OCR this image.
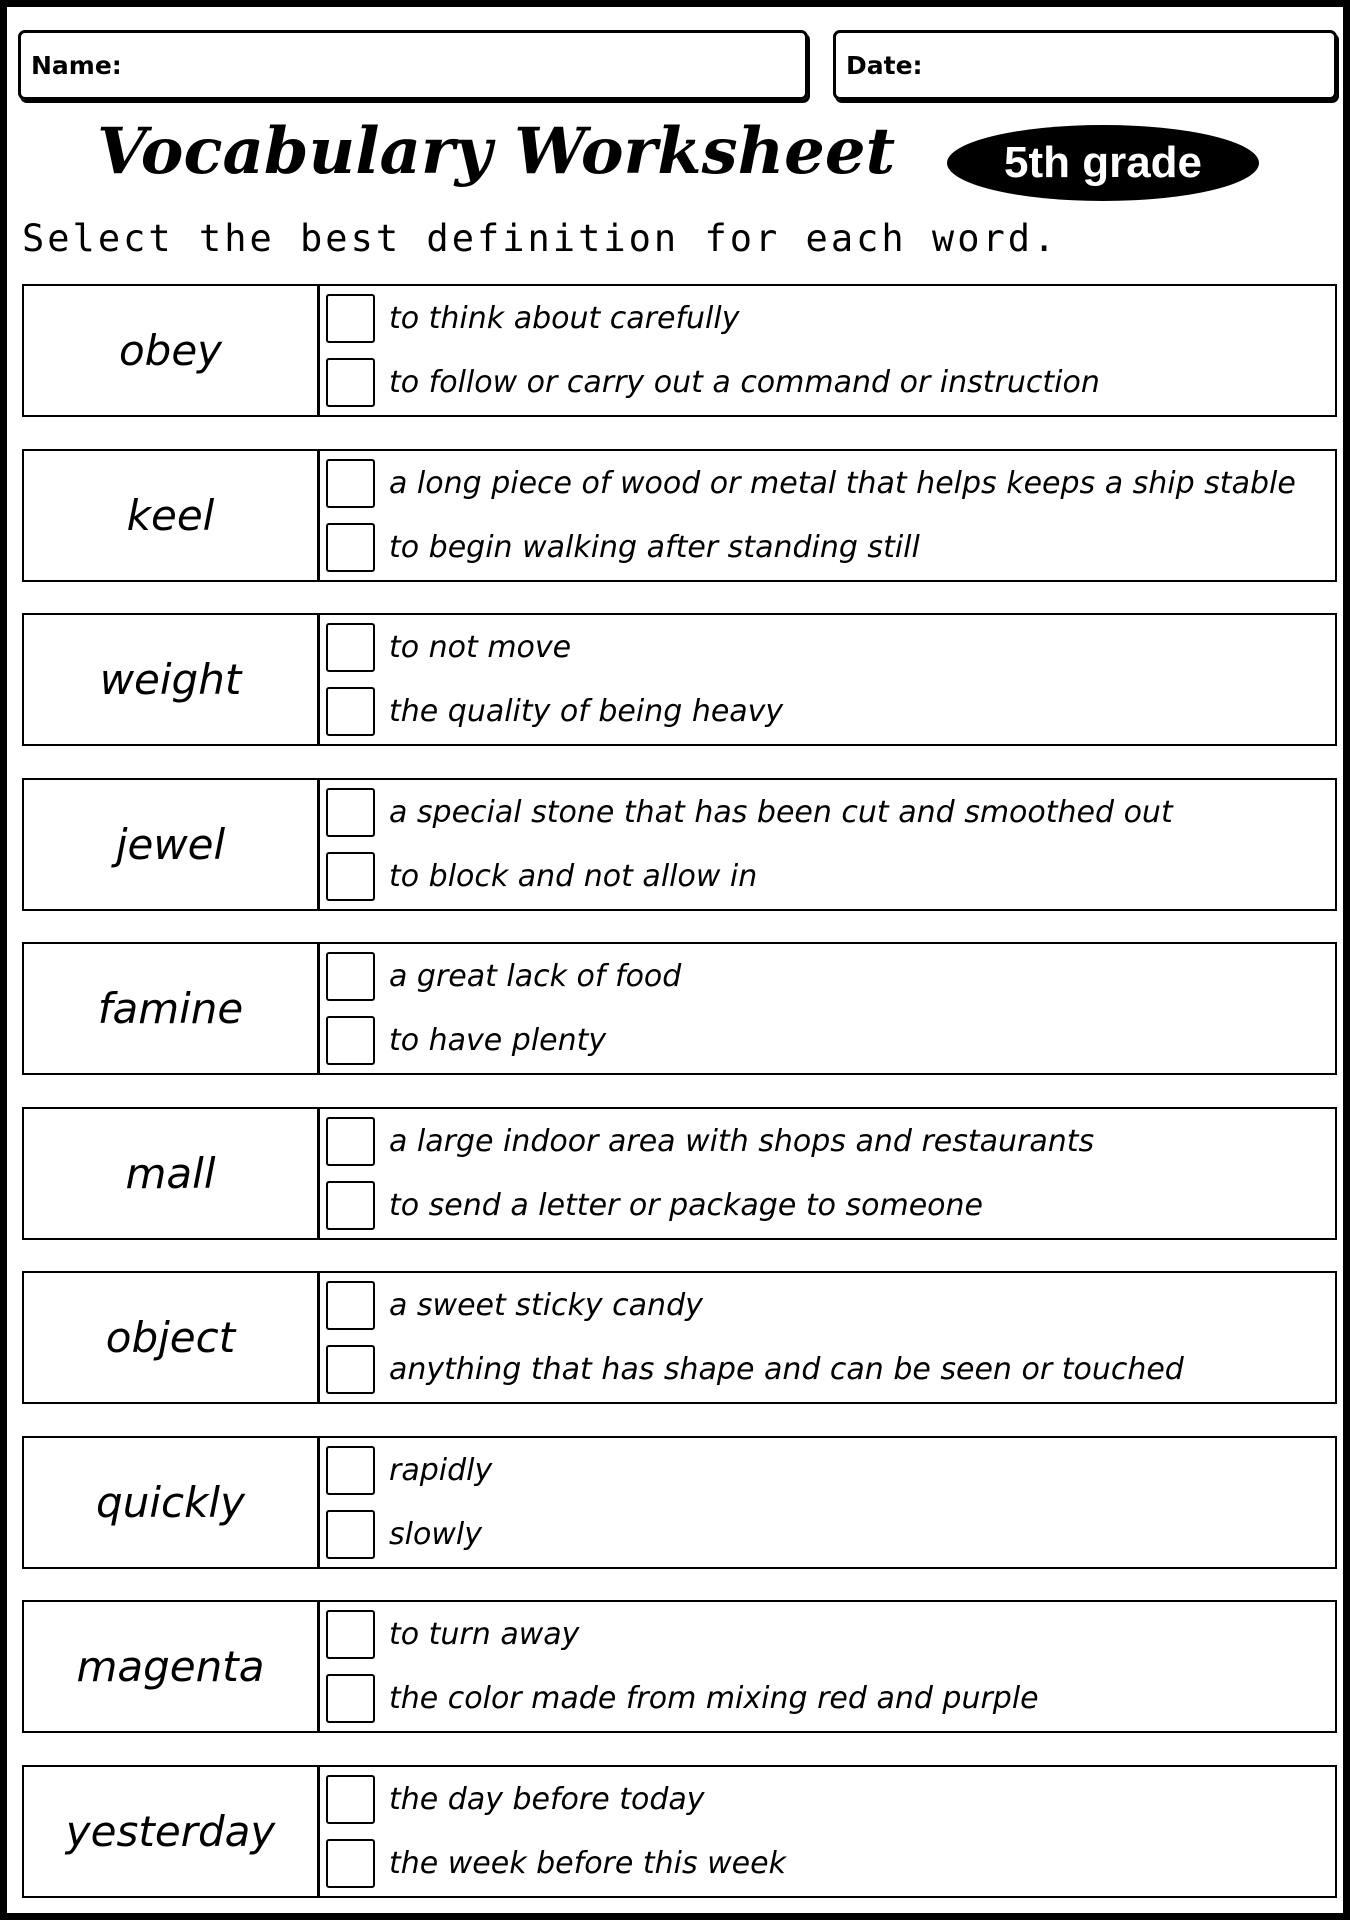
Name:	Date:
Vocabulary Worksheet 5th grade
Select the best definition for each word.
obey
to think about carefully
to follow or carry out a command or instruction
keel
a long piece of wood or metal that helps keeps a ship stable
to begin walking after standing still
weight
to not move
the quality of being heavy
jewel
a special stone that has been cut and smoothed out
to block and not allow in
famine
a great lack of food
to have plenty
mall
a large indoor area with shops and restaurants
to send a letter or package to someone
object
a sweet sticky candy
anything that has shape and can be seen or touched
quickly
rapidly
slowly
magenta
to turn away
the color made from mixing red and purple
yesterday
the day before today
the week before this week
